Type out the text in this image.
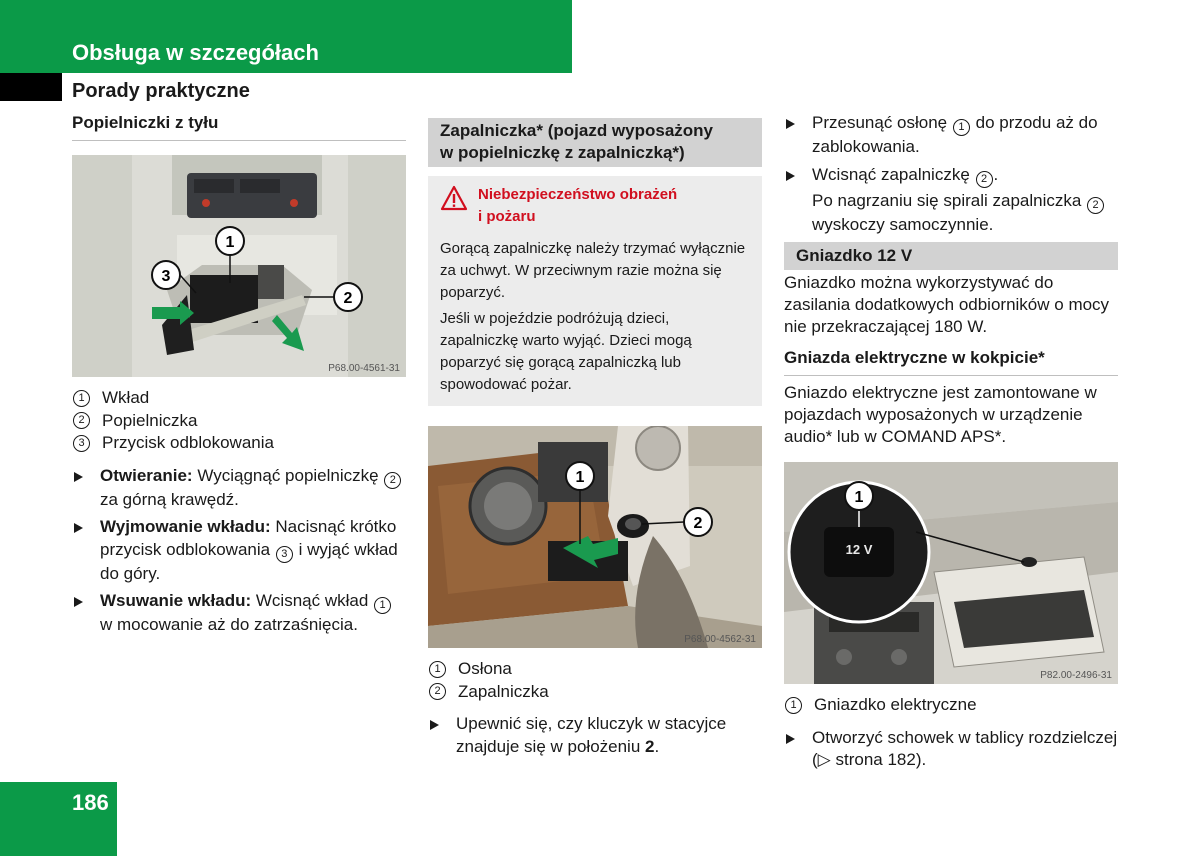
Obsługa w szczegółach
Porady praktyczne
Popielniczki z tyłu
1
2
3
P68.00-4561-31
1	Wkład
2	Popielniczka
3	Przycisk odblokowania
Otwieranie: Wyciągnąć popielniczkę 2 za górną krawędź.
Wyjmowanie wkładu: Nacisnąć krótko przycisk odblokowania 3 i wyjąć wkład do góry.
Wsuwanie wkładu: Wcisnąć wkład 1 w mocowanie aż do zatrzaśnięcia.
Zapalniczka* (pojazd wyposażony
w popielniczkę z zapalniczką*)
Niebezpieczeństwo obrażeń
i pożaru

Gorącą zapalniczkę należy trzymać wyłącznie za uchwyt. W przeciwnym razie można się poparzyć.

Jeśli w pojeździe podróżują dzieci, zapalniczkę warto wyjąć. Dzieci mogą poparzyć się gorącą zapalniczką lub spowodować pożar.

1
2
P68.00-4562-31
1	Osłona
2	Zapalniczka
Upewnić się, czy kluczyk w stacyjce znajduje się w położeniu 2.
Przesunąć osłonę 1 do przodu aż do zablokowania.
Wcisnąć zapalniczkę 2 .
Po nagrzaniu się spirali zapalniczka 2 wyskoczy samoczynnie.
Gniazdko 12 V
Gniazdko można wykorzystywać do zasilania dodatkowych odbiorników o mocy nie przekraczającej 180 W.
Gniazda elektryczne w kokpicie*
Gniazdo elektryczne jest zamontowane w pojazdach wyposażonych w urządzenie audio* lub w COMAND APS*.
12 V
1
P82.00-2496-31
1	Gniazdko elektryczne
Otworzyć schowek w tablicy rozdzielczej (▷ strona 182).
186
